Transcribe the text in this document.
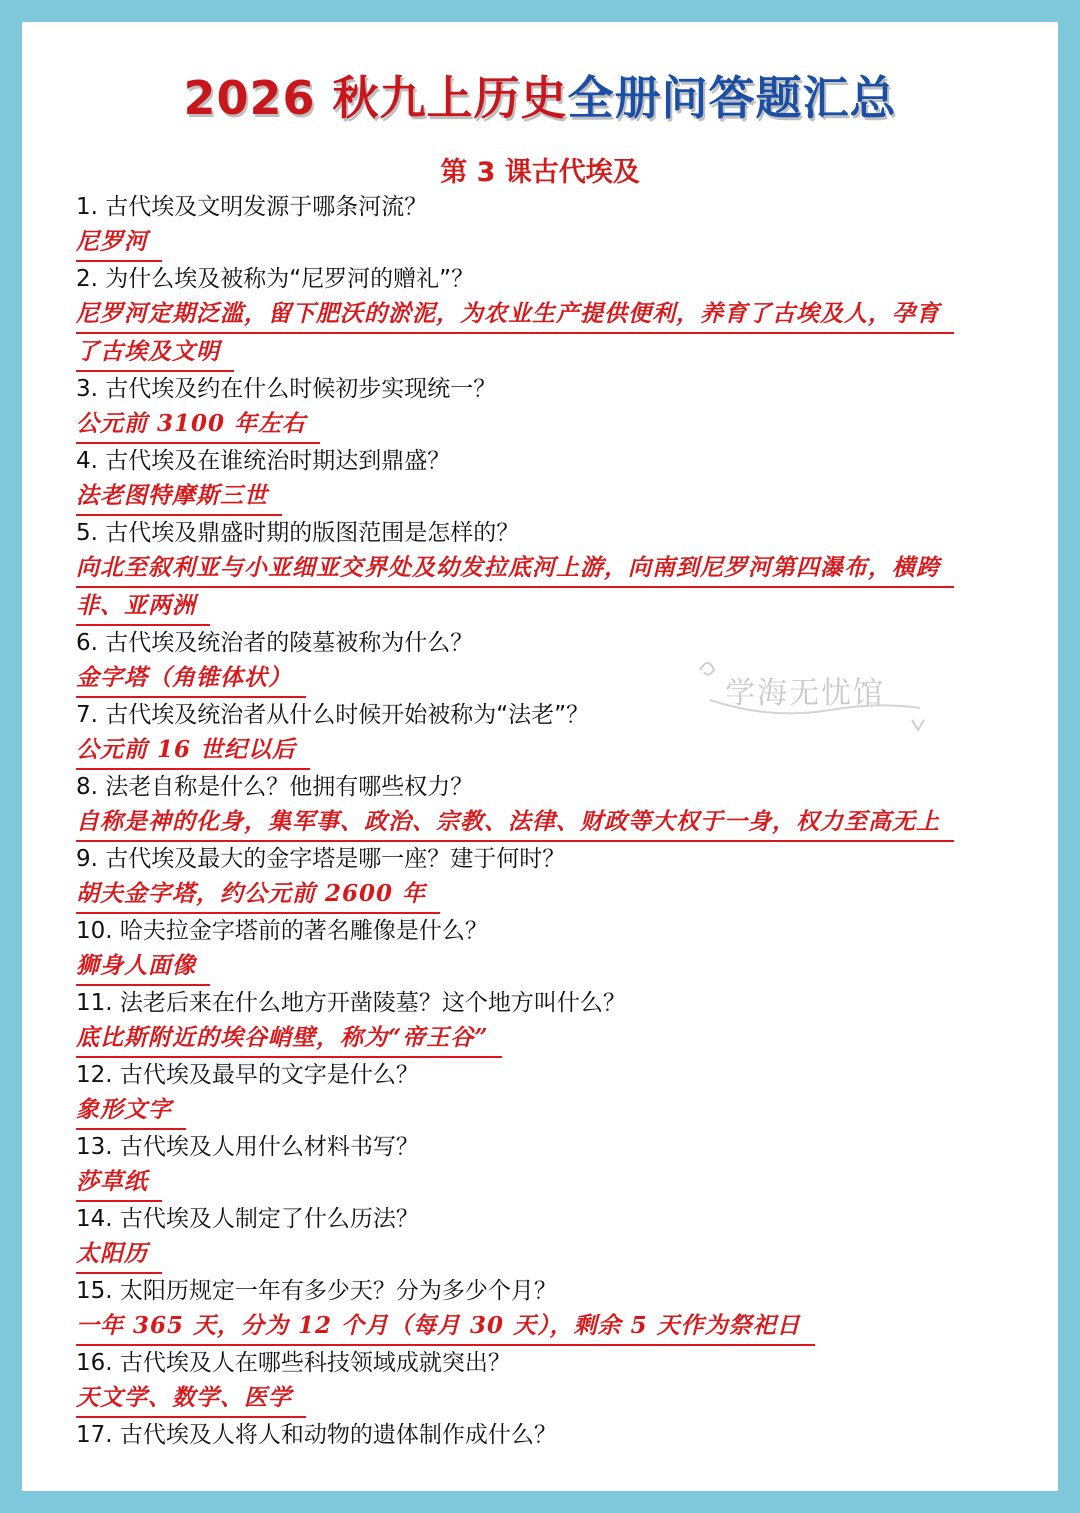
2026 秋九上历史全册问答题汇总
第 3 课古代埃及
学海无忧馆
1. 古代埃及文明发源于哪条河流？
尼罗河
2. 为什么埃及被称为“尼罗河的赠礼”？
尼罗河定期泛滥，留下肥沃的淤泥，为农业生产提供便利，养育了古埃及人，孕育
了古埃及文明
3. 古代埃及约在什么时候初步实现统一？
公元前 3100 年左右
4. 古代埃及在谁统治时期达到鼎盛？
法老图特摩斯三世
5. 古代埃及鼎盛时期的版图范围是怎样的？
向北至叙利亚与小亚细亚交界处及幼发拉底河上游，向南到尼罗河第四瀑布，横跨
非、亚两洲
6. 古代埃及统治者的陵墓被称为什么？
金字塔（角锥体状）
7. 古代埃及统治者从什么时候开始被称为“法老”？
公元前 16 世纪以后
8. 法老自称是什么？他拥有哪些权力？
自称是神的化身，集军事、政治、宗教、法律、财政等大权于一身，权力至高无上
9. 古代埃及最大的金字塔是哪一座？建于何时？
胡夫金字塔，约公元前 2600 年
10. 哈夫拉金字塔前的著名雕像是什么？
狮身人面像
11. 法老后来在什么地方开凿陵墓？这个地方叫什么？
底比斯附近的埃谷峭壁，称为“帝王谷”
12. 古代埃及最早的文字是什么？
象形文字
13. 古代埃及人用什么材料书写？
莎草纸
14. 古代埃及人制定了什么历法？
太阳历
15. 太阳历规定一年有多少天？分为多少个月？
一年 365 天，分为 12 个月（每月 30 天），剩余 5 天作为祭祀日
16. 古代埃及人在哪些科技领域成就突出？
天文学、数学、医学
17. 古代埃及人将人和动物的遗体制作成什么？
